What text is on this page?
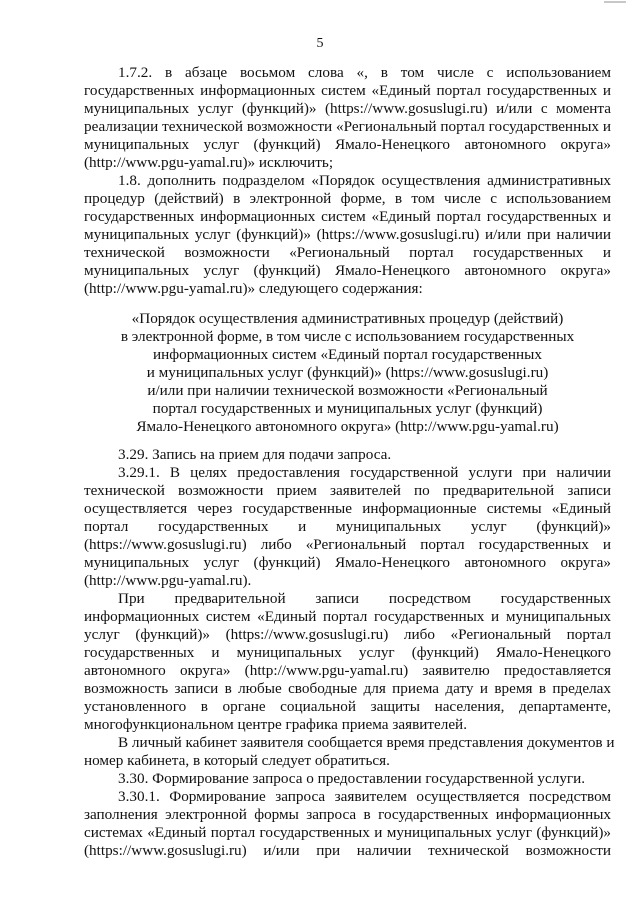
5
1.7.2. в абзаце восьмом слова «, в том числе с использованием
государственных информационных систем «Единый портал государственных и
муниципальных услуг (функций)» (https://www.gosuslugi.ru) и/или с момента
реализации технической возможности «Региональный портал государственных и
муниципальных услуг (функций) Ямало-Ненецкого автономного округа»
(http://www.pgu-yamal.ru)» исключить;
1.8. дополнить подразделом «Порядок осуществления административных
процедур (действий) в электронной форме, в том числе с использованием
государственных информационных систем «Единый портал государственных и
муниципальных услуг (функций)» (https://www.gosuslugi.ru) и/или при наличии
технической возможности «Региональный портал государственных и
муниципальных услуг (функций) Ямало-Ненецкого автономного округа»
(http://www.pgu-yamal.ru)» следующего содержания:
«Порядок осуществления административных процедур (действий)
в электронной форме, в том числе с использованием государственных
информационных систем «Единый портал государственных
и муниципальных услуг (функций)» (https://www.gosuslugi.ru)
и/или при наличии технической возможности «Региональный
портал государственных и муниципальных услуг (функций)
Ямало-Ненецкого автономного округа» (http://www.pgu-yamal.ru)
3.29. Запись на прием для подачи запроса.
3.29.1. В целях предоставления государственной услуги при наличии
технической возможности прием заявителей по предварительной записи
осуществляется через государственные информационные системы «Единый
портал государственных и муниципальных услуг (функций)»
(https://www.gosuslugi.ru) либо «Региональный портал государственных и
муниципальных услуг (функций) Ямало-Ненецкого автономного округа»
(http://www.pgu-yamal.ru).
При предварительной записи посредством государственных
информационных систем «Единый портал государственных и муниципальных
услуг (функций)» (https://www.gosuslugi.ru) либо «Региональный портал
государственных и муниципальных услуг (функций) Ямало-Ненецкого
автономного округа» (http://www.pgu-yamal.ru) заявителю предоставляется
возможность записи в любые свободные для приема дату и время в пределах
установленного в органе социальной защиты населения, департаменте,
многофункциональном центре графика приема заявителей.
В личный кабинет заявителя сообщается время представления документов и
номер кабинета, в который следует обратиться.
3.30. Формирование запроса о предоставлении государственной услуги.
3.30.1. Формирование запроса заявителем осуществляется посредством
заполнения электронной формы запроса в государственных информационных
системах «Единый портал государственных и муниципальных услуг (функций)»
(https://www.gosuslugi.ru) и/или при наличии технической возможности
